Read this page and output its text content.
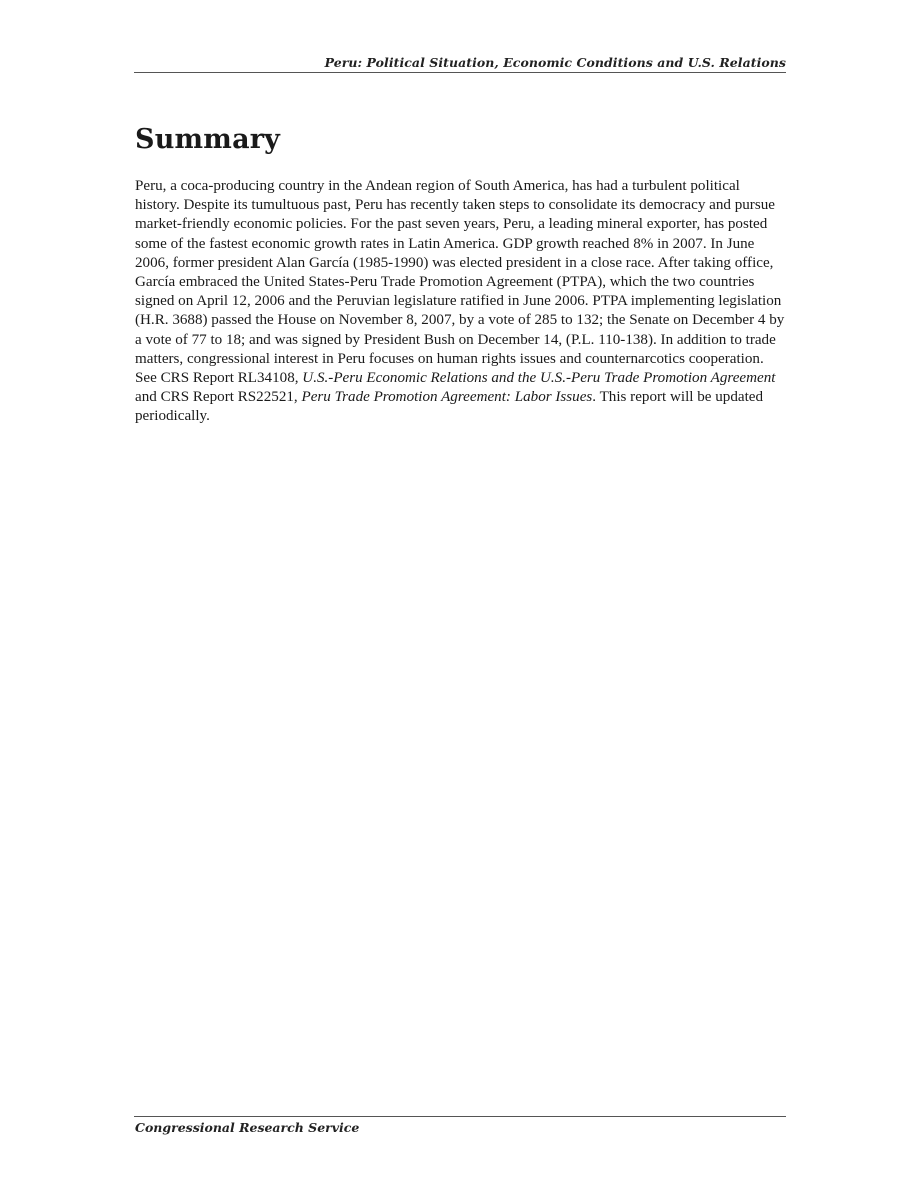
Peru: Political Situation, Economic Conditions and U.S. Relations
Summary

Peru, a coca-producing country in the Andean region of South America, has had a turbulent political history. Despite its tumultuous past, Peru has recently taken steps to consolidate its democracy and pursue market-friendly economic policies. For the past seven years, Peru, a leading mineral exporter, has posted some of the fastest economic growth rates in Latin America. GDP growth reached 8% in 2007. In June 2006, former president Alan García (1985-1990) was elected president in a close race. After taking office, García embraced the United States-Peru Trade Promotion Agreement (PTPA), which the two countries signed on April 12, 2006 and the Peruvian legislature ratified in June 2006. PTPA implementing legislation (H.R. 3688) passed the House on November 8, 2007, by a vote of 285 to 132; the Senate on December 4 by a vote of 77 to 18; and was signed by President Bush on December 14, (P.L. 110-138). In addition to trade matters, congressional interest in Peru focuses on human rights issues and counternarcotics cooperation. See CRS Report RL34108, U.S.-Peru Economic Relations and the U.S.-Peru Trade Promotion Agreement and CRS Report RS22521, Peru Trade Promotion Agreement: Labor Issues. This report will be updated periodically.

Congressional Research Service
